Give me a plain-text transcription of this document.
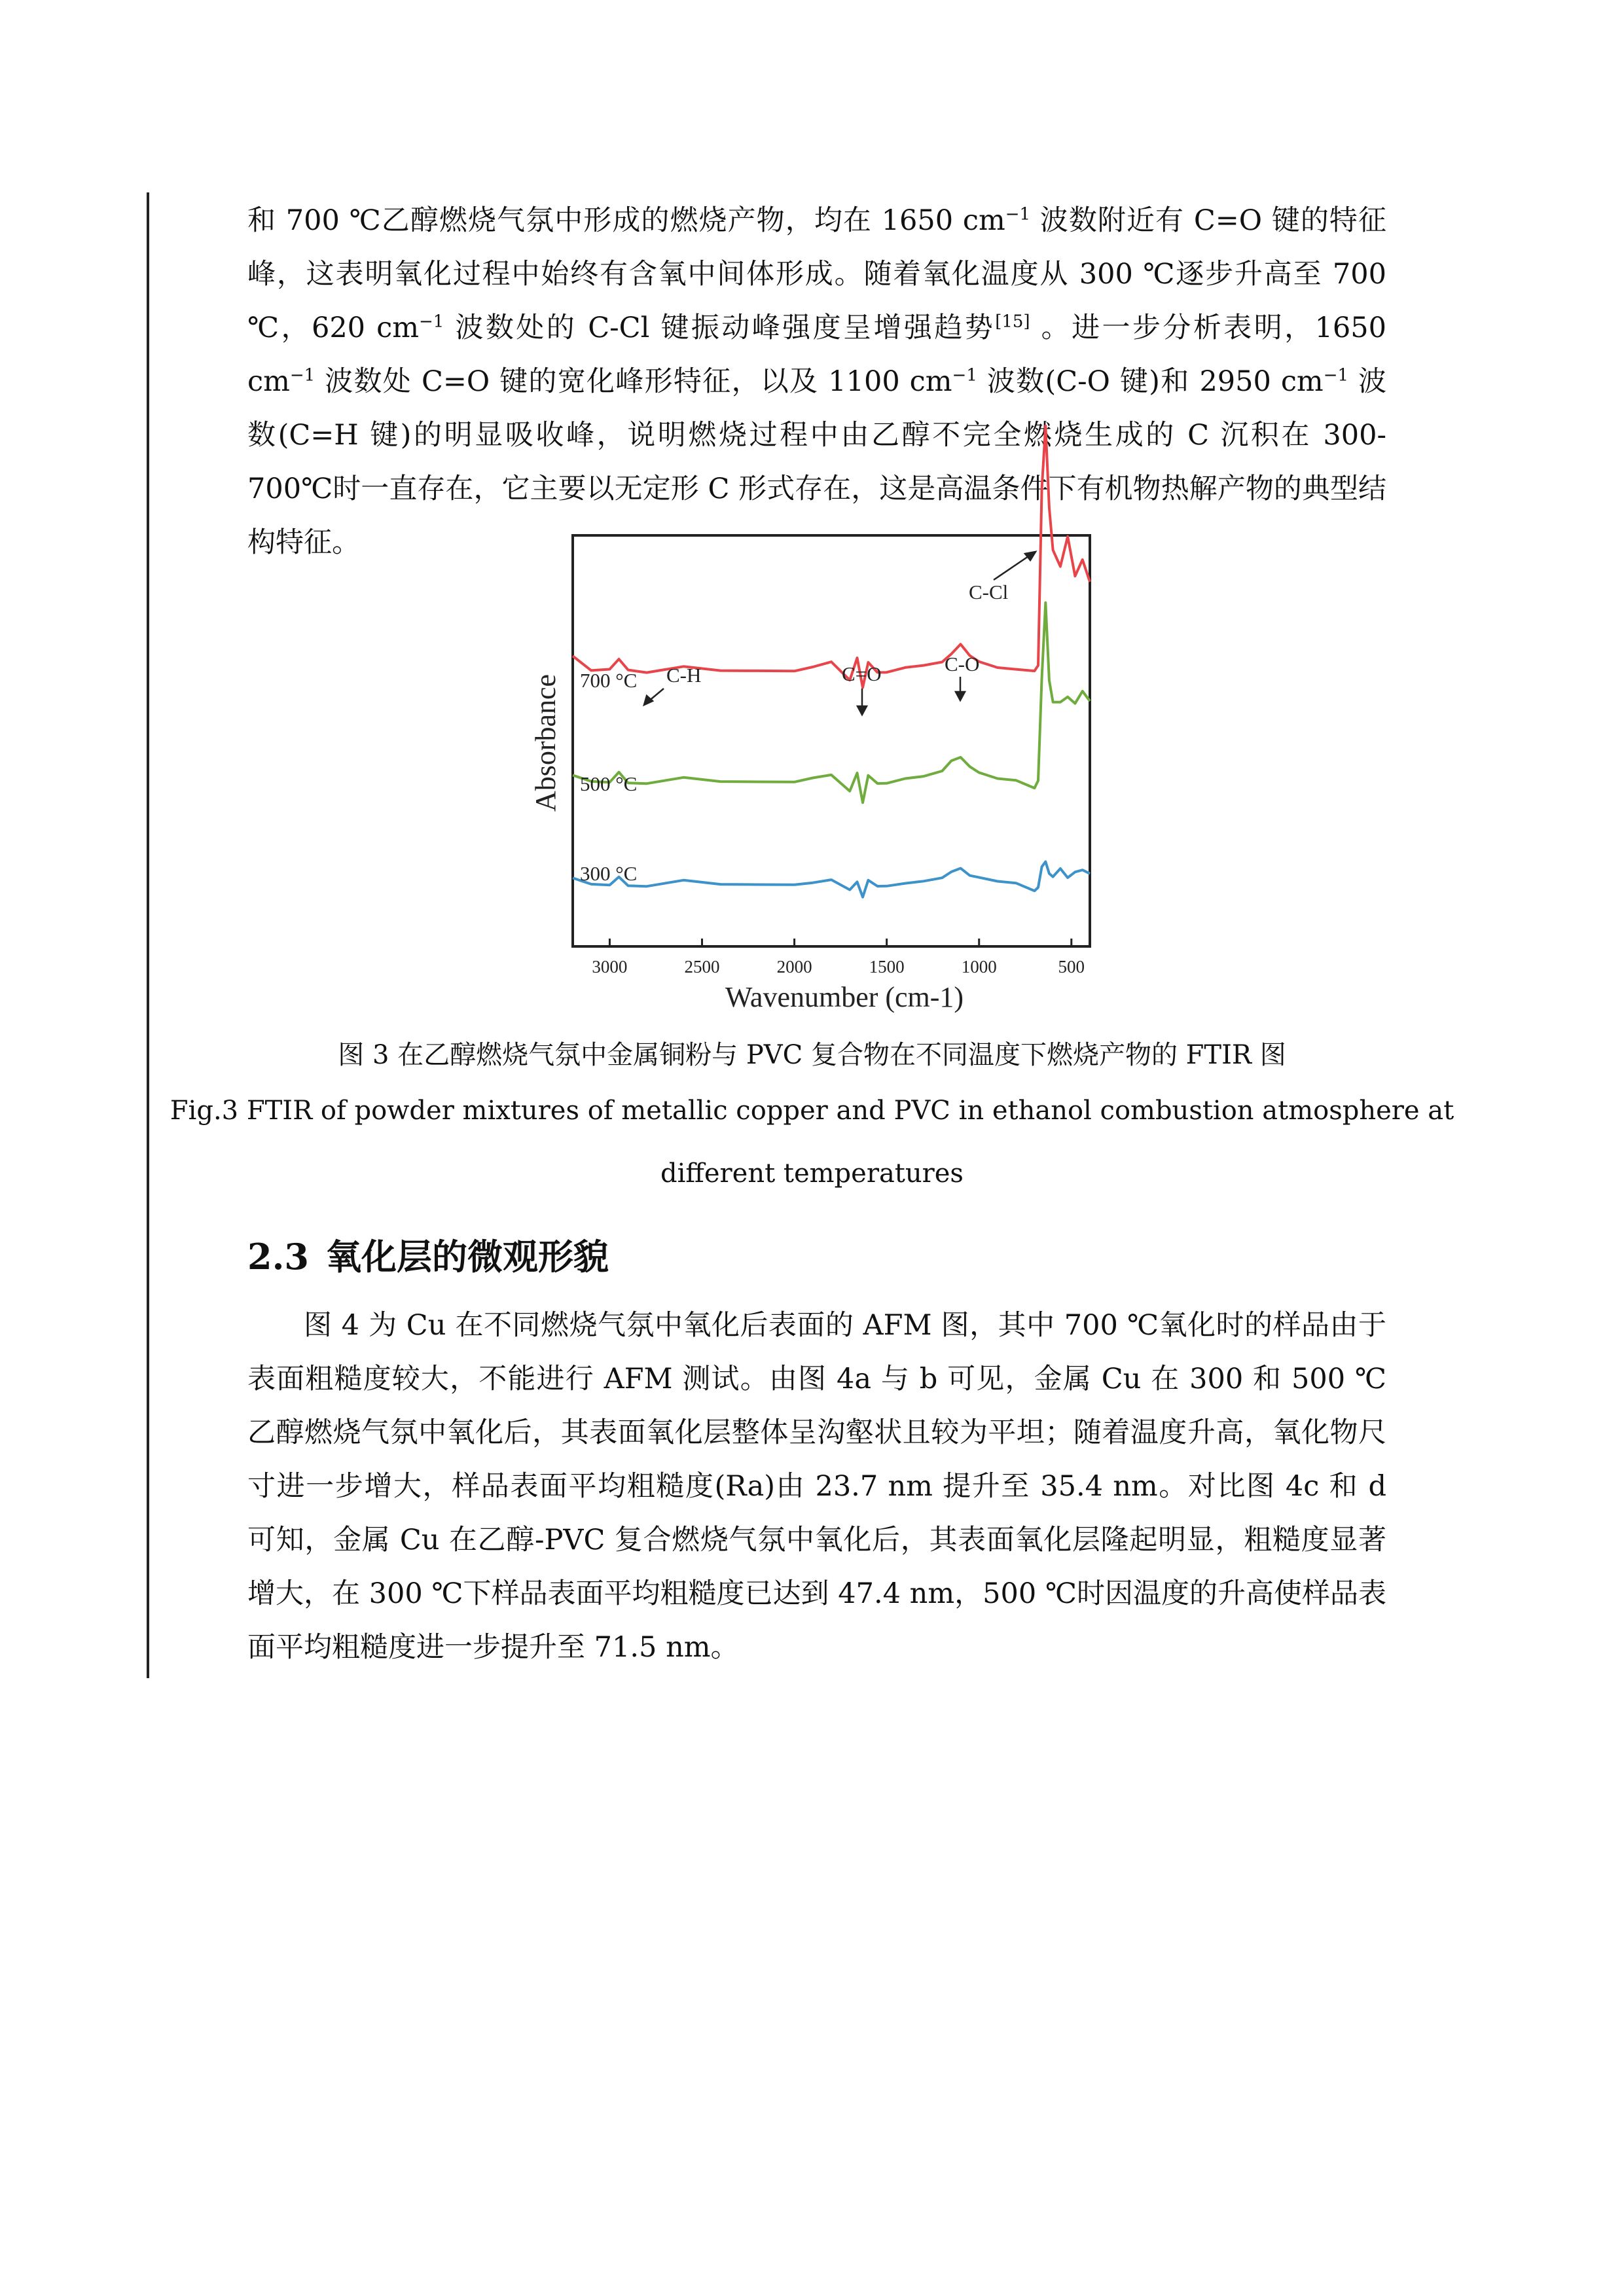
和 700 ℃乙醇燃烧气氛中形成的燃烧产物，均在 1650 $cm^{-1}$ 波数附近有 C=O 键的特征峰，这表明氧化过程中始终有含氧中间体形成。随着氧化温度从 300 ℃逐步升高至 700 ℃，620 $cm^{-1}$ 波数处的 C-Cl 键振动峰强度呈增强趋势[15] 。进一步分析表明，1650 $cm^{-1}$ 波数处 C=O 键的宽化峰形特征，以及 1100 $cm^{-1}$ 波数(C-O 键)和 2950 $cm^{-1}$ 波数(C=H 键)的明显吸收峰，说明燃烧过程中由乙醇不完全燃烧生成的 C 沉积在 300-700℃时一直存在，它主要以无定形 C 形式存在，这是高温条件下有机物热解产物的典型结构特征。

3000	2500	2000	1500	1000	500
700 °C
500 °C
300 °C
C-Cl
C-H	C=O	C-O
Absorbance
Wavenumber (cm-1)

图 3 在乙醇燃烧气氛中金属铜粉与 PVC 复合物在不同温度下燃烧产物的 FTIR 图

Fig.3 FTIR of powder mixtures of metallic copper and PVC in ethanol combustion atmosphere at

different temperatures

2.3 氧化层的微观形貌

图 4 为 Cu 在不同燃烧气氛中氧化后表面的 AFM 图，其中 700 ℃氧化时的样品由于表面粗糙度较大，不能进行 AFM 测试。由图 4a 与 b 可见，金属 Cu 在 300 和 500 ℃乙醇燃烧气氛中氧化后，其表面氧化层整体呈沟壑状且较为平坦；随着温度升高，氧化物尺寸进一步增大，样品表面平均粗糙度(Ra)由 23.7 nm 提升至 35.4 nm。对比图 4c 和 d 可知，金属 Cu 在乙醇-PVC 复合燃烧气氛中氧化后，其表面氧化层隆起明显，粗糙度显著增大，在 300 ℃下样品表面平均粗糙度已达到 47.4 nm，500 ℃时因温度的升高使样品表面平均粗糙度进一步提升至 71.5 nm。
